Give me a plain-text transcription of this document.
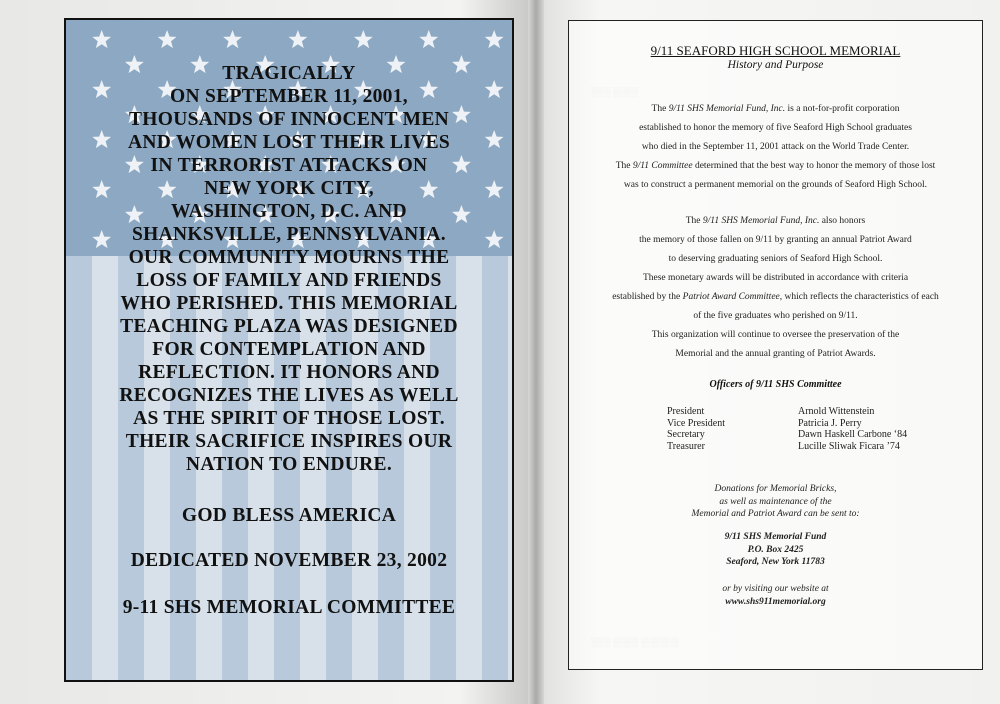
TRAGICALLY
ON SEPTEMBER 11, 2001,
THOUSANDS OF INNOCENT MEN
AND WOMEN LOST THEIR LIVES
IN TERRORIST ATTACKS ON
NEW YORK CITY,
WASHINGTON, D.C. AND
SHANKSVILLE, PENNSYLVANIA.
OUR COMMUNITY MOURNS THE
LOSS OF FAMILY AND FRIENDS
WHO PERISHED. THIS MEMORIAL
TEACHING PLAZA WAS DESIGNED
FOR CONTEMPLATION AND
REFLECTION. IT HONORS AND
RECOGNIZES THE LIVES AS WELL
AS THE SPIRIT OF THOSE LOST.
THEIR SACRIFICE INSPIRES OUR
NATION TO ENDURE.
GOD BLESS AMERICA
DEDICATED NOVEMBER 23, 2002
9-11 SHS MEMORIAL COMMITTEE
░░░ ░░░░
░░░ ░░░░ ░░░░░░
9/11 SEAFORD HIGH SCHOOL MEMORIAL
History and Purpose
The 9/11 SHS Memorial Fund, Inc. is a not-for-profit corporation
established to honor the memory of five Seaford High School graduates
who died in the September 11, 2001 attack on the World Trade Center.
The 9/11 Committee determined that the best way to honor the memory of those lost
was to construct a permanent memorial on the grounds of Seaford High School.
The 9/11 SHS Memorial Fund, Inc. also honors
the memory of those fallen on 9/11 by granting an annual Patriot Award
to deserving graduating seniors of Seaford High School.
These monetary awards will be distributed in accordance with criteria
established by the Patriot Award Committee, which reflects the characteristics of each
of the five graduates who perished on 9/11.
This organization will continue to oversee the preservation of the
Memorial and the annual granting of Patriot Awards.
Officers of 9/11 SHS Committee
President	Arnold Wittenstein
Vice President	Patricia J. Perry
Secretary	Dawn Haskell Carbone ‘84
Treasurer	Lucille Sliwak Ficara ’74
Donations for Memorial Bricks,
as well as maintenance of the
Memorial and Patriot Award can be sent to:
9/11 SHS Memorial Fund
P.O. Box 2425
Seaford, New York 11783
or by visiting our website at
www.shs911memorial.org
